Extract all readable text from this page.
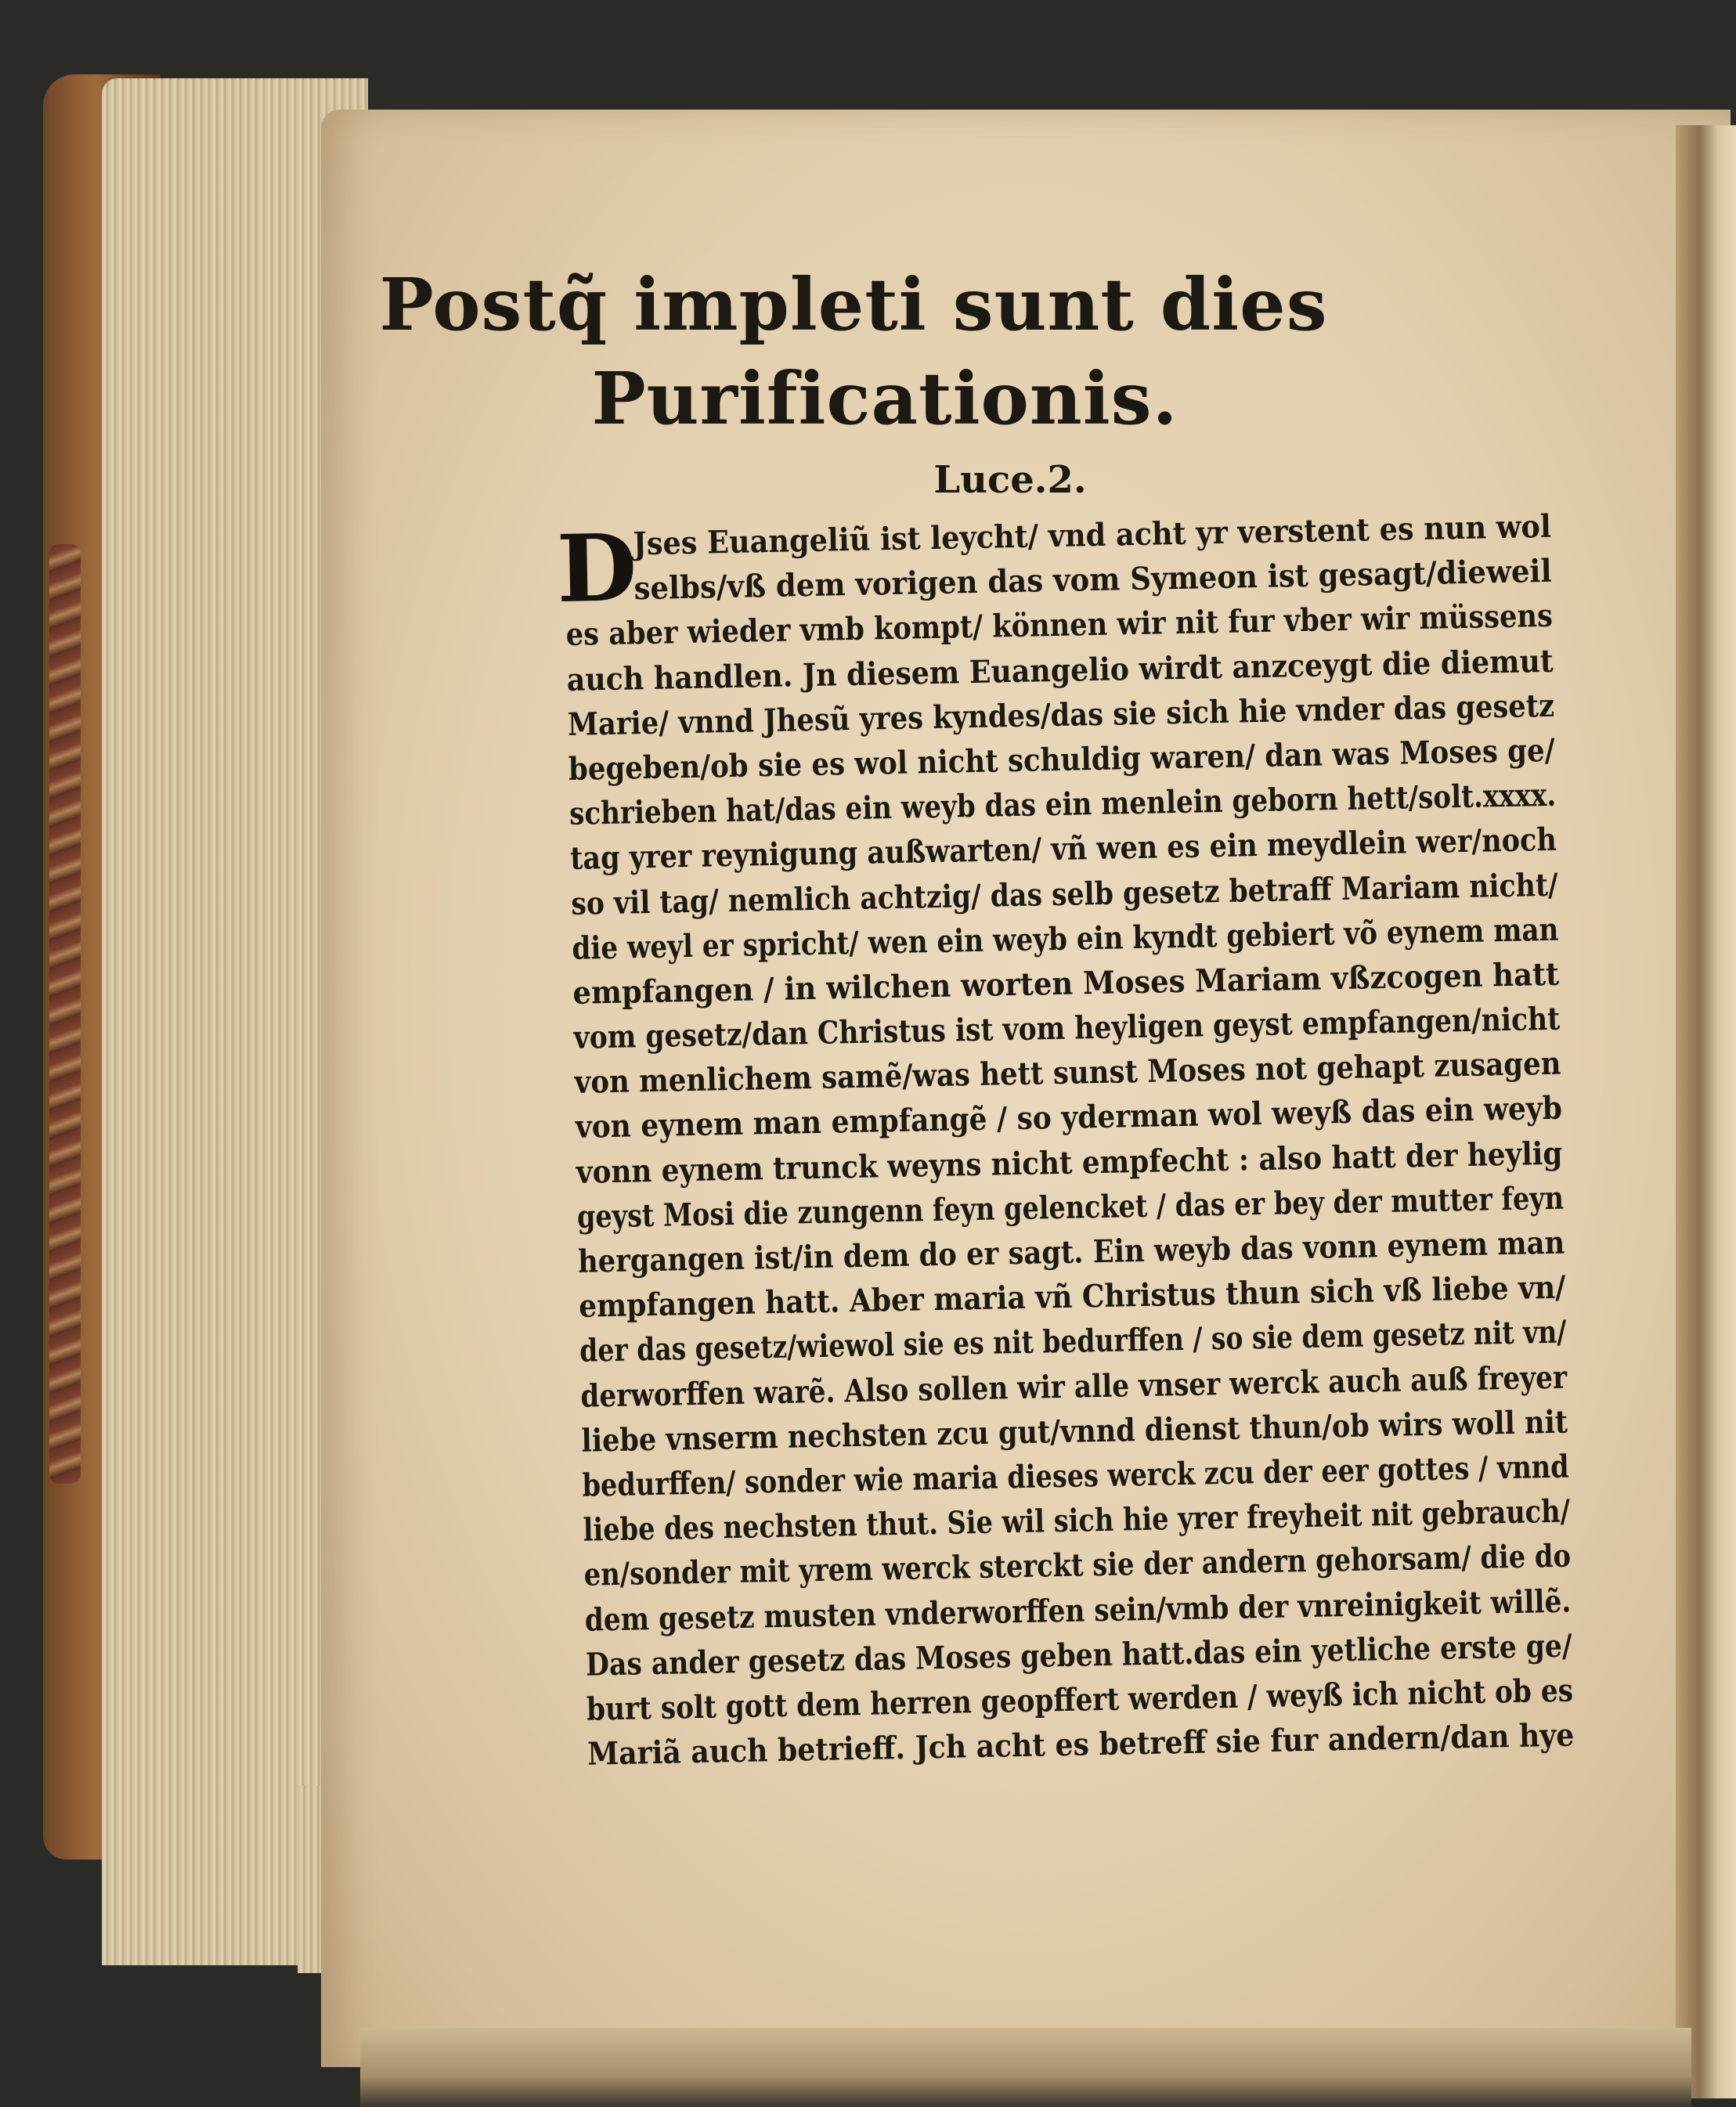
Postq̃ impleti sunt dies
Purificationis.
Luce.2.
D
Jses Euangeliũ ist leycht/ vnd acht yr verstent es nun wol
selbs/vß dem vorigen das vom Symeon ist gesagt/dieweil
es aber wieder vmb kompt/ können wir nit fur vber wir müssens
auch handlen. Jn diesem Euangelio wirdt anzceygt die diemut
Marie/ vnnd Jhesũ yres kyndes/das sie sich hie vnder das gesetz
begeben/ob sie es wol nicht schuldig waren/ dan was Moses ge/
schrieben hat/das ein weyb das ein menlein geborn hett/solt.xxxx.
tag yrer reynigung außwarten/ vñ wen es ein meydlein wer/noch
so vil tag/ nemlich achtzig/ das selb gesetz betraff Mariam nicht/
die weyl er spricht/ wen ein weyb ein kyndt gebiert võ eynem man
empfangen / in wilchen worten Moses Mariam vßzcogen hatt
vom gesetz/dan Christus ist vom heyligen geyst empfangen/nicht
von menlichem samẽ/was hett sunst Moses not gehapt zusagen
von eynem man empfangẽ / so yderman wol weyß das ein weyb
vonn eynem trunck weyns nicht empfecht : also hatt der heylig
geyst Mosi die zungenn feyn gelencket / das er bey der mutter feyn
hergangen ist/in dem do er sagt. Ein weyb das vonn eynem man
empfangen hatt. Aber maria vñ Christus thun sich vß liebe vn/
der das gesetz/wiewol sie es nit bedurffen / so sie dem gesetz nit vn/
derworffen warẽ. Also sollen wir alle vnser werck auch auß freyer
liebe vnserm nechsten zcu gut/vnnd dienst thun/ob wirs woll nit
bedurffen/ sonder wie maria dieses werck zcu der eer gottes / vnnd
liebe des nechsten thut. Sie wil sich hie yrer freyheit nit gebrauch/
en/sonder mit yrem werck sterckt sie der andern gehorsam/ die do
dem gesetz musten vnderworffen sein/vmb der vnreinigkeit willẽ.
Das ander gesetz das Moses geben hatt.das ein yetliche erste ge/
burt solt gott dem herren geopffert werden / weyß ich nicht ob es
Mariã auch betrieff. Jch acht es betreff sie fur andern/dan hye
